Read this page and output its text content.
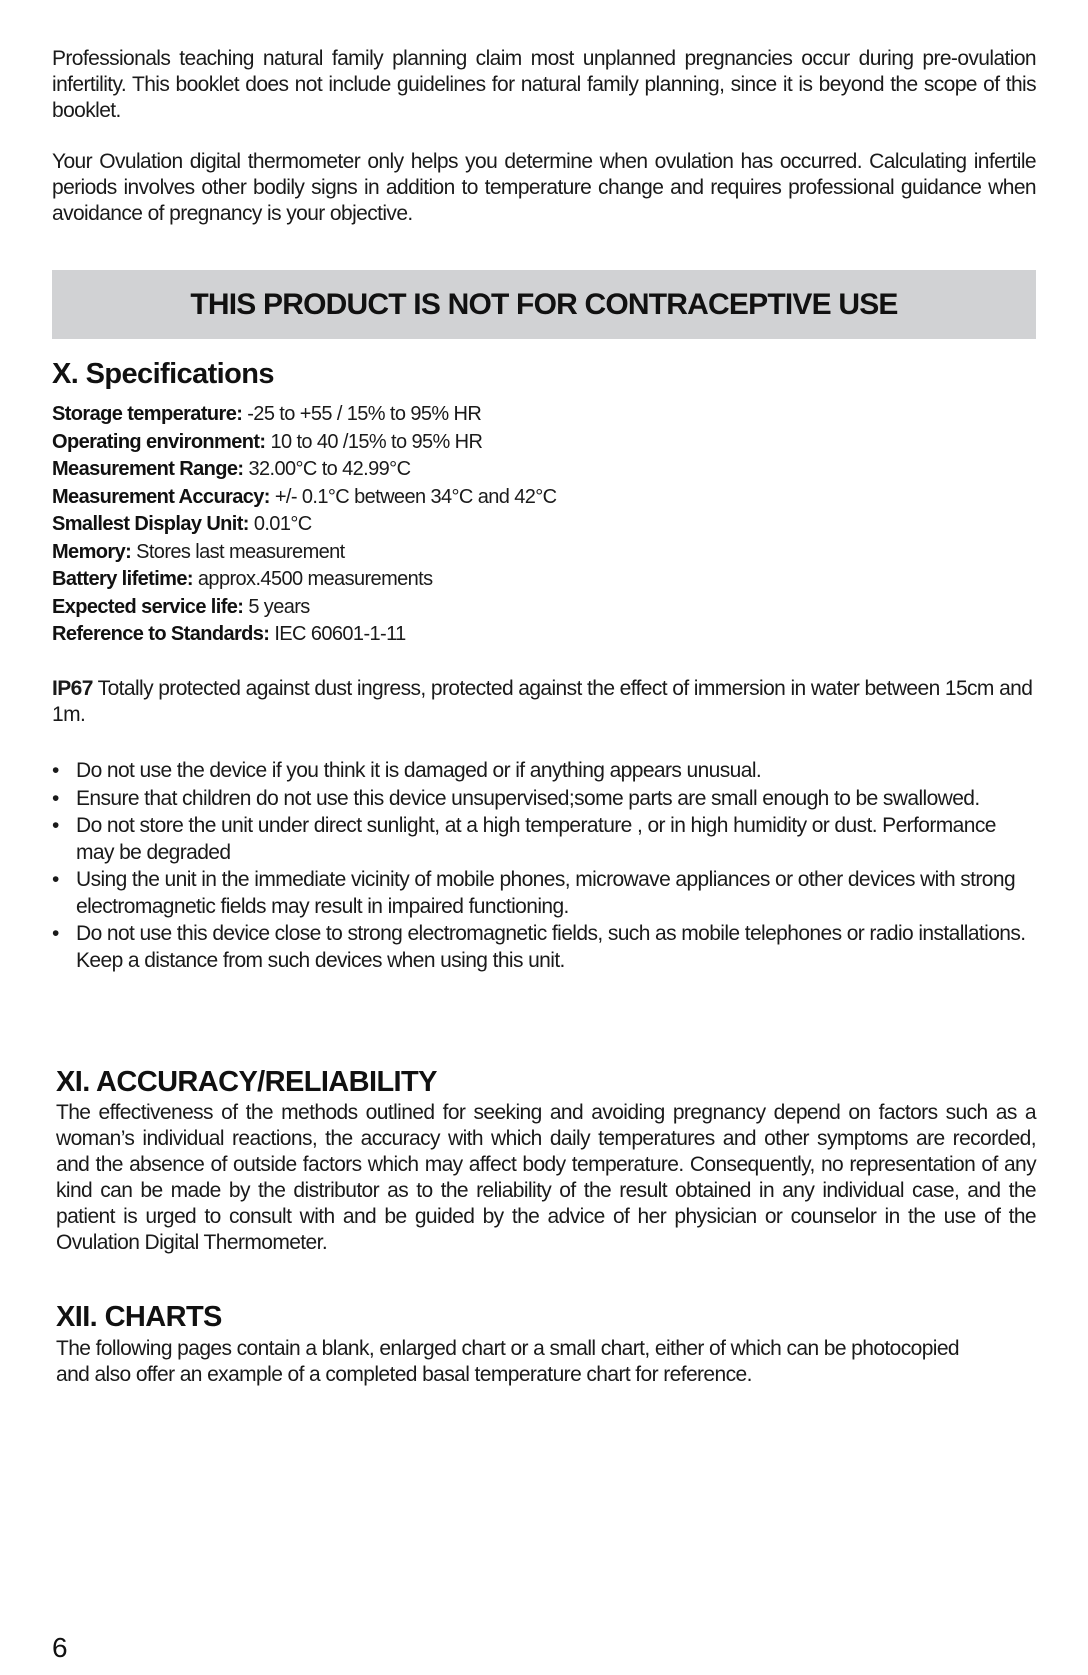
Professionals teaching natural family planning claim most unplanned pregnancies occur during pre-ovulation infertility. This booklet does not include guidelines for natural family planning, since it is beyond the scope of this booklet.

Your Ovulation digital thermometer only helps you determine when ovulation has occurred. Calculating infertile periods involves other bodily signs in addition to temperature change and requires professional guidance when avoidance of pregnancy is your objective.

THIS PRODUCT IS NOT FOR CONTRACEPTIVE USE
X. Specifications
Storage temperature: -25 to +55 / 15% to 95% HR
Operating environment: 10 to 40 /15% to 95% HR
Measurement Range: 32.00°C to 42.99°C
Measurement Accuracy: +/- 0.1°C between 34°C and 42°C
Smallest Display Unit: 0.01°C
Memory: Stores last measurement
Battery lifetime: approx.4500 measurements
Expected service life: 5 years
Reference to Standards: IEC 60601-1-11

IP67 Totally protected against dust ingress, protected against the effect of immersion in water between 15cm and 1m.

• Do not use the device if you think it is damaged or if anything appears unusual.
• Ensure that children do not use this device unsupervised;some parts are small enough to be swallowed.
• Do not store the unit under direct sunlight, at a high temperature , or in high humidity or dust. Performance may be degraded
• Using the unit in the immediate vicinity of mobile phones, microwave appliances or other devices with strong electromagnetic fields may result in impaired functioning.
• Do not use this device close to strong electromagnetic fields, such as mobile telephones or radio installations. Keep a distance from such devices when using this unit.
XI. ACCURACY/RELIABILITY

The effectiveness of the methods outlined for seeking and avoiding pregnancy depend on factors such as a woman’s individual reactions, the accuracy with which daily temperatures and other symptoms are recorded, and the absence of outside factors which may affect body temperature. Consequently, no representation of any kind can be made by the distributor as to the reliability of the result obtained in any individual case, and the patient is urged to consult with and be guided by the advice of her physician or counselor in the use of the Ovulation Digital Thermometer.

XII. CHARTS

The following pages contain a blank, enlarged chart or a small chart, either of which can be photocopied and also offer an example of a completed basal temperature chart for reference.

6
